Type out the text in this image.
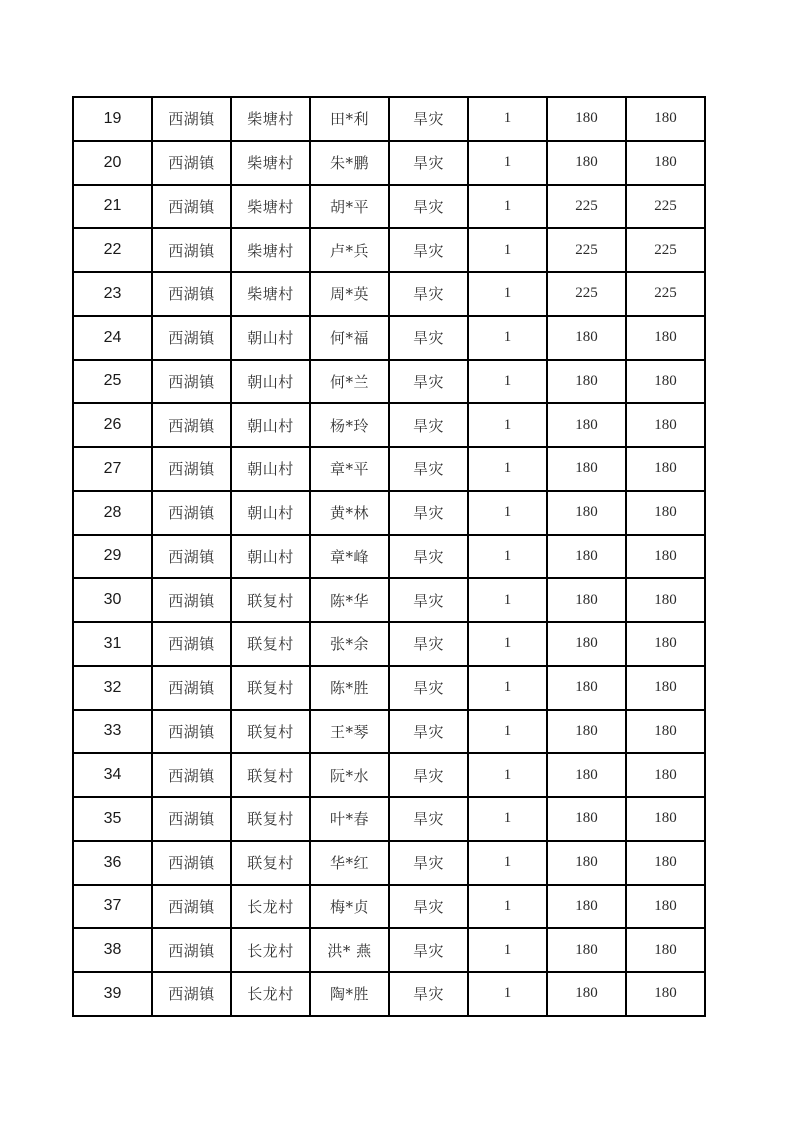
19	西湖镇	柴塘村	田*利	旱灾	1	180	180
20	西湖镇	柴塘村	朱*鹏	旱灾	1	180	180
21	西湖镇	柴塘村	胡*平	旱灾	1	225	225
22	西湖镇	柴塘村	卢*兵	旱灾	1	225	225
23	西湖镇	柴塘村	周*英	旱灾	1	225	225
24	西湖镇	朝山村	何*福	旱灾	1	180	180
25	西湖镇	朝山村	何*兰	旱灾	1	180	180
26	西湖镇	朝山村	杨*玲	旱灾	1	180	180
27	西湖镇	朝山村	章*平	旱灾	1	180	180
28	西湖镇	朝山村	黄*林	旱灾	1	180	180
29	西湖镇	朝山村	章*峰	旱灾	1	180	180
30	西湖镇	联复村	陈*华	旱灾	1	180	180
31	西湖镇	联复村	张*余	旱灾	1	180	180
32	西湖镇	联复村	陈*胜	旱灾	1	180	180
33	西湖镇	联复村	王*琴	旱灾	1	180	180
34	西湖镇	联复村	阮*水	旱灾	1	180	180
35	西湖镇	联复村	叶*春	旱灾	1	180	180
36	西湖镇	联复村	华*红	旱灾	1	180	180
37	西湖镇	长龙村	梅*贞	旱灾	1	180	180
38	西湖镇	长龙村	洪* 燕	旱灾	1	180	180
39	西湖镇	长龙村	陶*胜	旱灾	1	180	180
